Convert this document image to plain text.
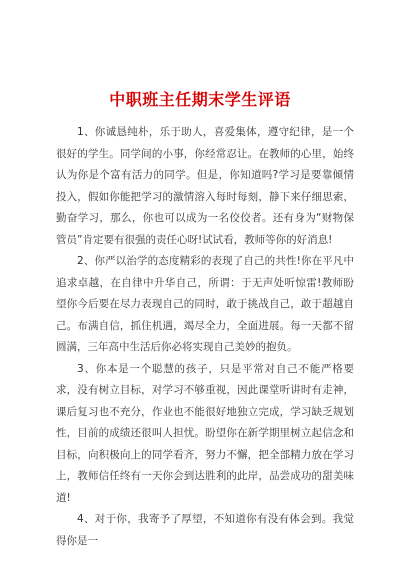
中职班主任期末学生评语

1、你诚恳纯朴，乐于助人，喜爱集体，遵守纪律，是一个很好的学生。同学间的小事，你经常忍让。在教师的心里，始终认为你是个富有活力的同学。但是，你知道吗?学习是要靠倾情投入，假如你能把学习的激情溶入每时每刻，静下来仔细思索，勤奋学习，那么，你也可以成为一名佼佼者。还有身为“财物保管员”肯定要有很强的责任心呀!试试看，教师等你的好消息!

2、你严以治学的态度精彩的表现了自己的共性!你在平凡中追求卓越，在自律中升华自己，所谓：于无声处听惊雷!教师盼望你今后要在尽力表现自己的同时，敢于挑战自己，敢于超越自己。布满自信，抓住机遇，竭尽全力，全面进展。每一天都不留圆满，三年高中生活后你必将实现自己美妙的抱负。

3、你本是一个聪慧的孩子，只是平常对自己不能严格要求，没有树立目标，对学习不够重视，因此课堂听讲时有走神，课后复习也不充分，作业也不能很好地独立完成，学习缺乏规划性，目前的成绩还很叫人担忧。盼望你在新学期里树立起信念和目标，向积极向上的同学看齐，努力不懈，把全部精力放在学习上，教师信任终有一天你会到达胜利的此岸，品尝成功的甜美味道!

4、对于你，我寄予了厚望，不知道你有没有体会到。我觉得你是一
